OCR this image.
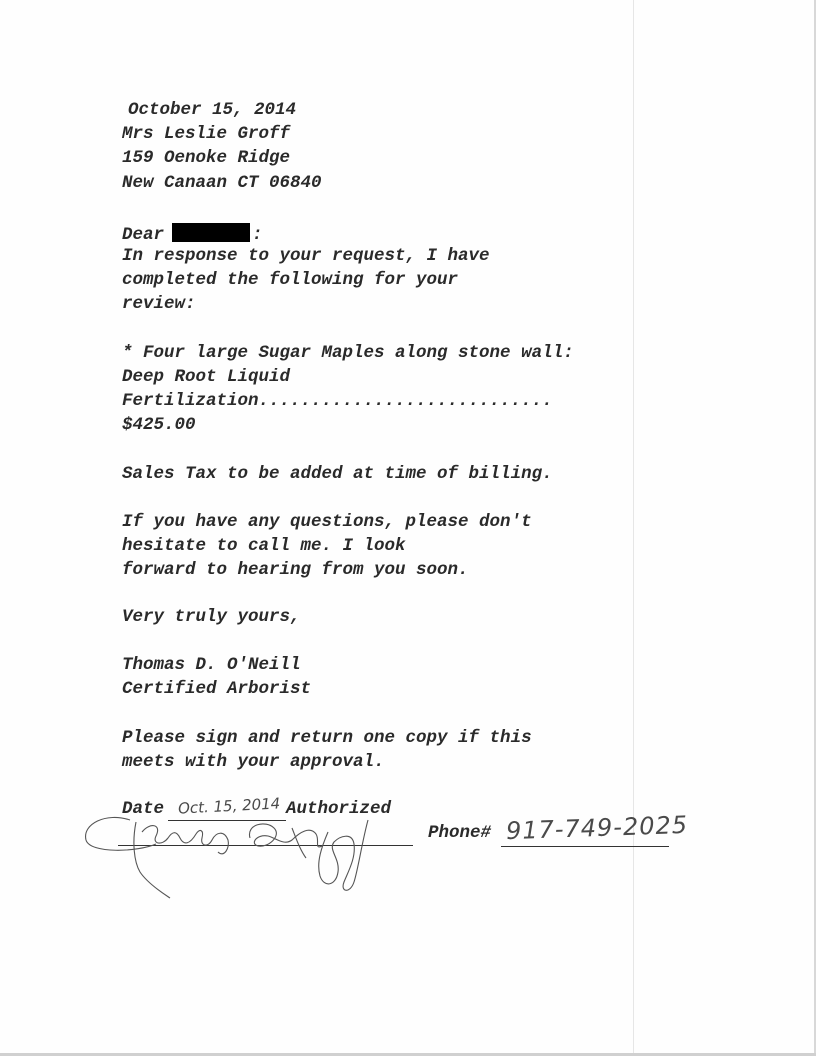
October 15, 2014
Mrs Leslie Groff
159 Oenoke Ridge
New Canaan CT 06840
Dear	:
In response to your request, I have
completed the following for your
review:
* Four large Sugar Maples along stone wall:
Deep Root Liquid
Fertilization............................
$425.00
Sales Tax to be added at time of billing.
If you have any questions, please don't
hesitate to call me. I look
forward to hearing from you soon.
Very truly yours,
Thomas D. O'Neill
Certified Arborist
Please sign and return one copy if this
meets with your approval.
Date Oct. 15, 2014 Authorized
Phone# 917-749-2025
